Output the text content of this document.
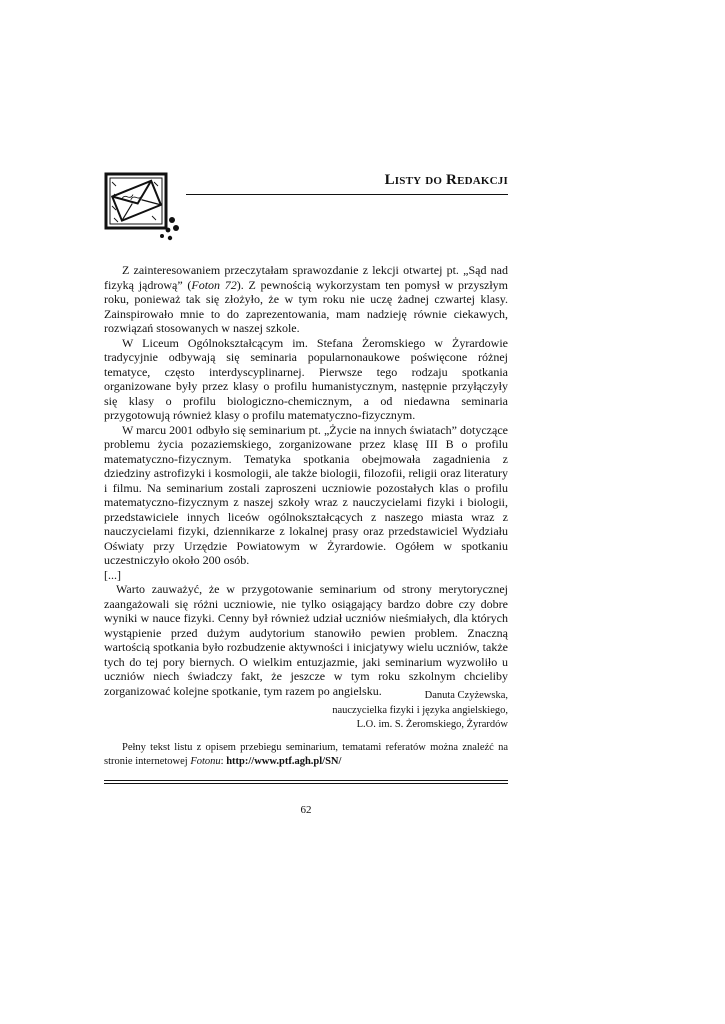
Listy do Redakcji

Z zainteresowaniem przeczytałam sprawozdanie z lekcji otwartej pt. „Sąd nad fizyką jądrową” (Foton 72). Z pewnością wykorzystam ten pomysł w przyszłym roku, ponieważ tak się złożyło, że w tym roku nie uczę żadnej czwartej klasy. Zainspirowało mnie to do zaprezentowania, mam nadzieję równie ciekawych, rozwiązań stosowanych w naszej szkole.

W Liceum Ogólnokształcącym im. Stefana Żeromskiego w Żyrardowie tradycyjnie odbywają się seminaria popularnonaukowe poświęcone różnej tematyce, często interdyscyplinarnej. Pierwsze tego rodzaju spotkania organizowane były przez klasy o profilu humanistycznym, następnie przyłączyły się klasy o profilu biologiczno-chemicznym, a od niedawna seminaria przygotowują również klasy o profilu matematyczno-fizycznym.

W marcu 2001 odbyło się seminarium pt. „Życie na innych światach” dotyczące problemu życia pozaziemskiego, zorganizowane przez klasę III B o profilu matematyczno-fizycznym. Tematyka spotkania obejmowała zagadnienia z dziedziny astrofizyki i kosmologii, ale także biologii, filozofii, religii oraz literatury i filmu. Na seminarium zostali zaproszeni uczniowie pozostałych klas o profilu matematyczno-fizycznym z naszej szkoły wraz z nauczycielami fizyki i biologii, przedstawiciele innych liceów ogólnokształcących z naszego miasta wraz z nauczycielami fizyki, dziennikarze z lokalnej prasy oraz przedstawiciel Wydziału Oświaty przy Urzędzie Powiatowym w Żyrardowie. Ogółem w spotkaniu uczestniczyło około 200 osób.

[...]

Warto zauważyć, że w przygotowanie seminarium od strony merytorycznej zaangażowali się różni uczniowie, nie tylko osiągający bardzo dobre czy dobre wyniki w nauce fizyki. Cenny był również udział uczniów nieśmiałych, dla których wystąpienie przed dużym audytorium stanowiło pewien problem. Znaczną wartością spotkania było rozbudzenie aktywności i inicjatywy wielu uczniów, także tych do tej pory biernych. O wielkim entuzjazmie, jaki seminarium wyzwoliło u uczniów niech świadczy fakt, że jeszcze w tym roku szkolnym chcieliby zorganizować kolejne spotkanie, tym razem po angielsku.	Danuta Czyżewska,
nauczycielka fizyki i języka angielskiego,
L.O. im. S. Żeromskiego, Żyrardów

Pełny tekst listu z opisem przebiegu seminarium, tematami referatów można znaleźć na stronie internetowej Fotonu: http://www.ptf.agh.pl/SN/

62
